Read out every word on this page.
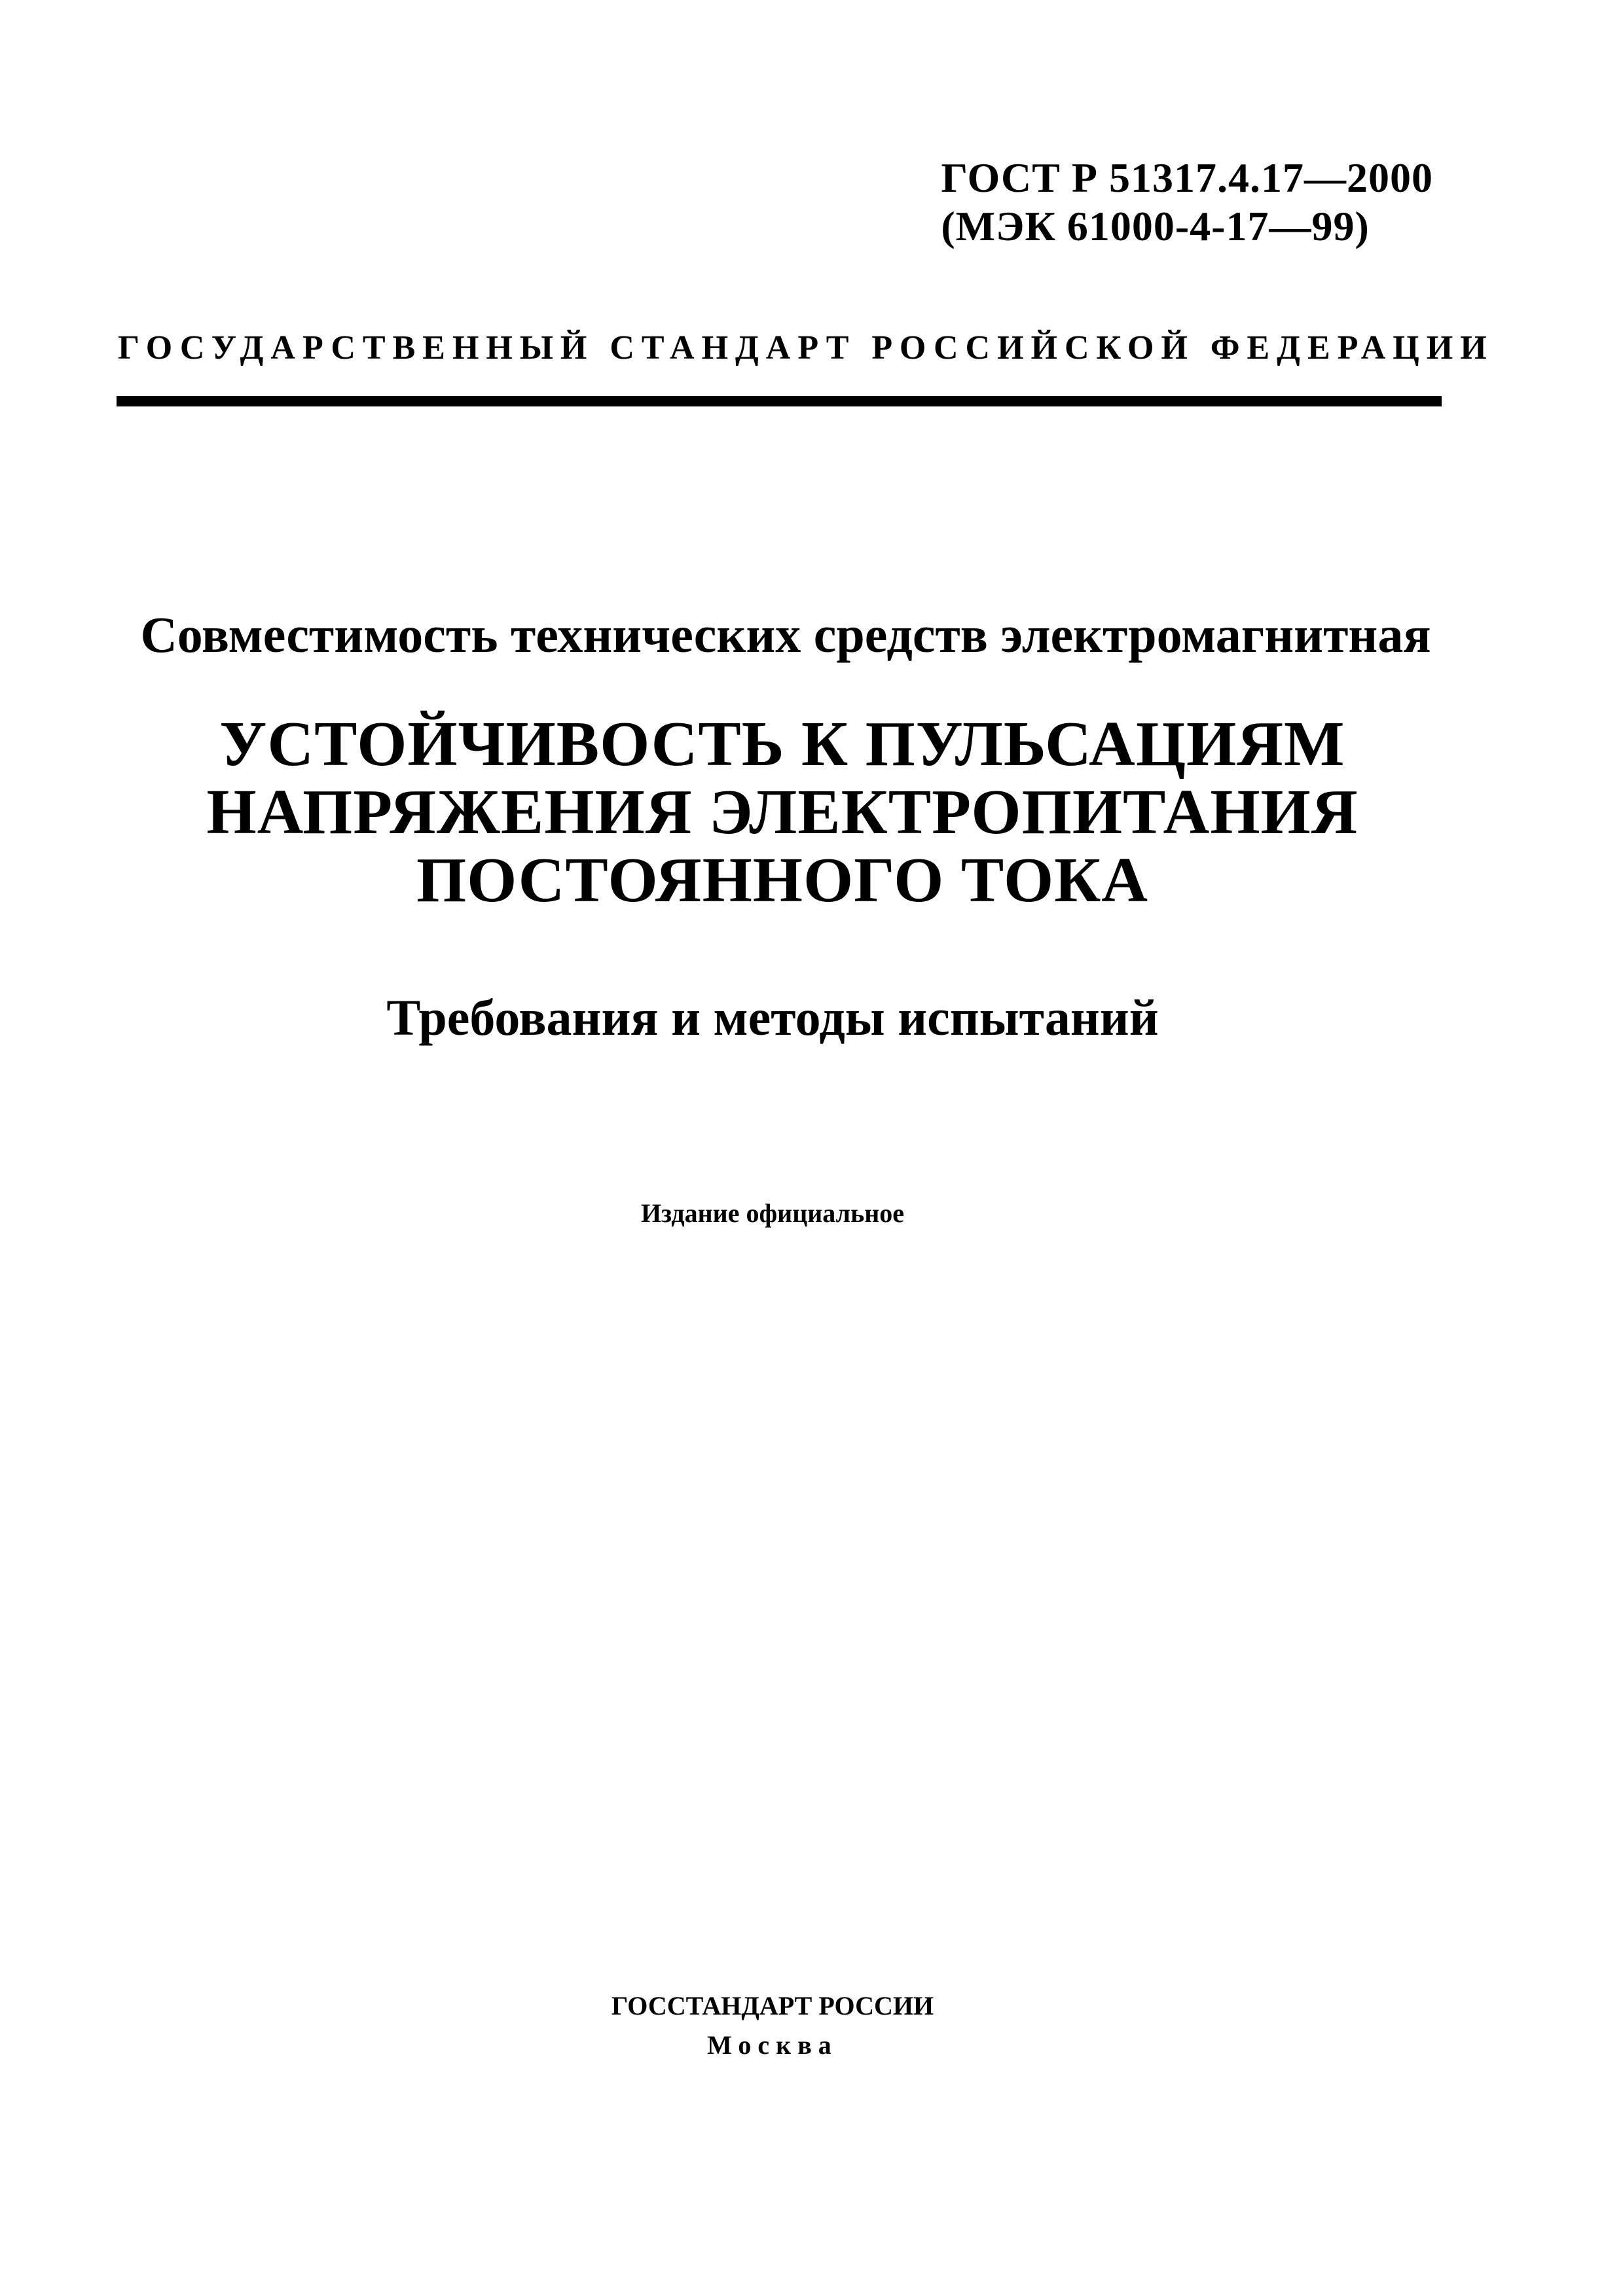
ГОСТ Р 51317.4.17—2000
(МЭК 61000-4-17—99)
ГОСУДАРСТВЕННЫЙ СТАНДАРТ РОССИЙСКОЙ ФЕДЕРАЦИИ
Совместимость технических средств электромагнитная
УСТОЙЧИВОСТЬ К ПУЛЬСАЦИЯМ
НАПРЯЖЕНИЯ ЭЛЕКТРОПИТАНИЯ
ПОСТОЯННОГО ТОКА
Требования и методы испытаний
Издание официальное
ГОССТАНДАРТ РОССИИ
Москва
